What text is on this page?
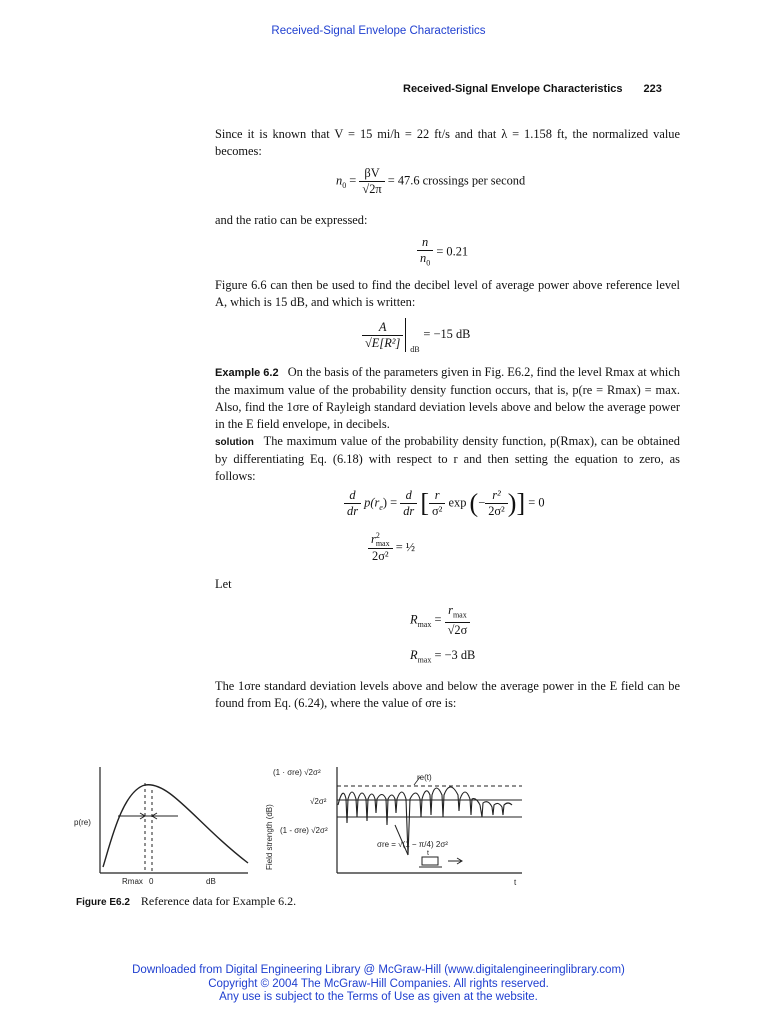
Received-Signal Envelope Characteristics
Received-Signal Envelope Characteristics 223
Since it is known that V = 15 mi/h = 22 ft/s and that λ = 1.158 ft, the normalized value becomes:
$n_0 = \frac{\beta V}{√2\pi} = 47.6$ crossings per second
and the ratio can be expressed:
$\frac{n}{n_0} = 0.21$
Figure 6.6 can then be used to find the decibel level of average power above reference level A, which is 15 dB, and which is written:
$\frac{A}{\text{√E[R²]}}$ dB
= −15 dB
Example 6.2 On the basis of the parameters given in Fig. E6.2, find the level Rmax at which the maximum value of the probability density function occurs, that is, p(re = Rmax) = max. Also, find the 1σre of Rayleigh standard deviation levels above and below the average power in the E field envelope, in decibels.
solution The maximum value of the probability density function, p(Rmax), can be obtained by differentiating Eq. (6.18) with respect to r and then setting the equation to zero, as follows:
$\frac{d}{dr} p(r_e) = \frac{d}{dr}$ [ $\frac{r}{\text{σ²}}$ exp (− $\frac{\text{r²}}{\text{2σ²}}$ )] = 0
r2
max
2σ²
= ½
Let
$R_{max} = \frac{r_{max}}{√2\sigma}$
$R_{max} = -3$ dB
The 1σre standard deviation levels above and below the average power in the E field can be found from Eq. (6.24), where the value of σre is:
p(re)
Rmax 0	dB
Field strength (dB)
(1 · σre) √2σ²
√2σ²
(1 - σre) √2σ²
re(t)
σre = √(1 − π/4) 2σ²
t
t
Figure E6.2 Reference data for Example 6.2.
Downloaded from Digital Engineering Library @ McGraw-Hill (www.digitalengineeringlibrary.com)
Copyright © 2004 The McGraw-Hill Companies. All rights reserved.
Any use is subject to the Terms of Use as given at the website.
